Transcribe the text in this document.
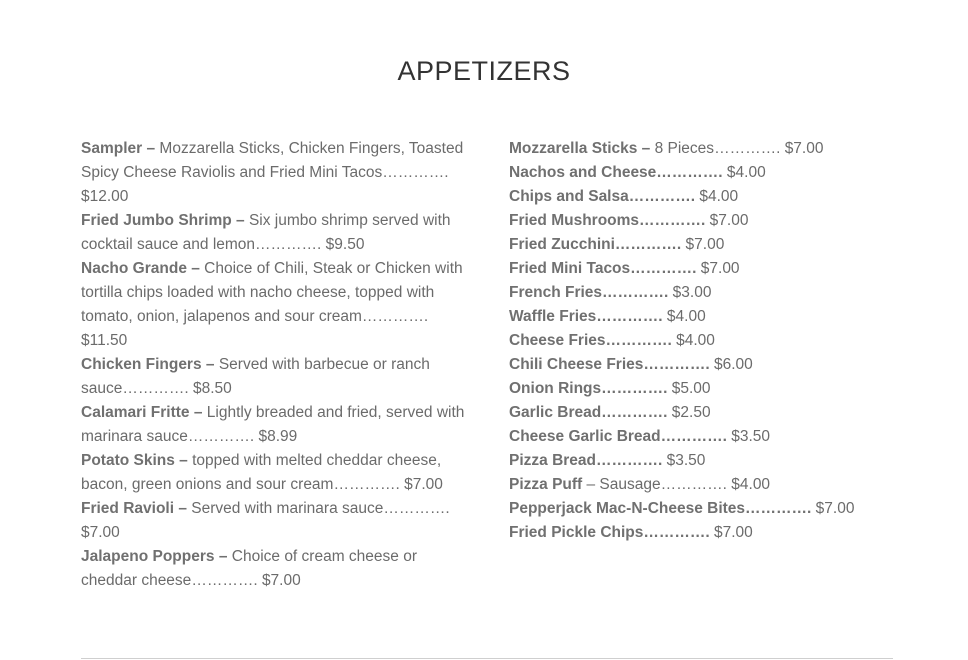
APPETIZERS

Sampler – Mozzarella Sticks, Chicken Fingers, Toasted Spicy Cheese Raviolis and Fried Mini Tacos…………. $12.00

Fried Jumbo Shrimp – Six jumbo shrimp served with cocktail sauce and lemon…………. $9.50

Nacho Grande – Choice of Chili, Steak or Chicken with tortilla chips loaded with nacho cheese, topped with tomato, onion, jalapenos and sour cream…………. $11.50

Chicken Fingers – Served with barbecue or ranch sauce…………. $8.50

Calamari Fritte – Lightly breaded and fried, served with marinara sauce…………. $8.99

Potato Skins – topped with melted cheddar cheese, bacon, green onions and sour cream…………. $7.00

Fried Ravioli – Served with marinara sauce…………. $7.00

Jalapeno Poppers – Choice of cream cheese or cheddar cheese…………. $7.00

Mozzarella Sticks – 8 Pieces…………. $7.00

Nachos and Cheese…………. $4.00

Chips and Salsa…………. $4.00

Fried Mushrooms…………. $7.00

Fried Zucchini…………. $7.00

Fried Mini Tacos…………. $7.00

French Fries…………. $3.00

Waffle Fries…………. $4.00

Cheese Fries…………. $4.00

Chili Cheese Fries…………. $6.00

Onion Rings…………. $5.00

Garlic Bread…………. $2.50

Cheese Garlic Bread…………. $3.50

Pizza Bread…………. $3.50

Pizza Puff – Sausage…………. $4.00

Pepperjack Mac-N-Cheese Bites…………. $7.00

Fried Pickle Chips…………. $7.00
